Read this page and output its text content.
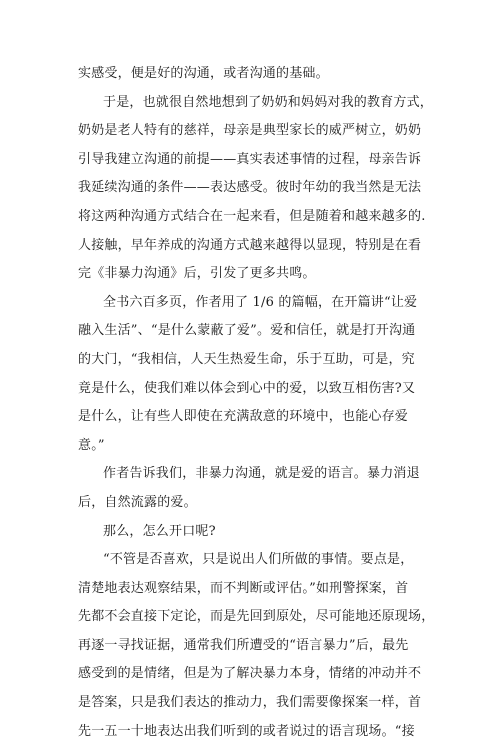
实感受，便是好的沟通，或者沟通的基础。
于是，也就很自然地想到了奶奶和妈妈对我的教育方式，
奶奶是老人特有的慈祥，母亲是典型家长的威严树立，奶奶
引导我建立沟通的前提——真实表述事情的过程，母亲告诉
我延续沟通的条件——表达感受。彼时年幼的我当然是无法
将这两种沟通方式结合在一起来看，但是随着和越来越多的.
人接触，早年养成的沟通方式越来越得以显现，特别是在看
完《非暴力沟通》后，引发了更多共鸣。
全书六百多页，作者用了 1/6 的篇幅，在开篇讲“让爱
融入生活”、“是什么蒙蔽了爱”。爱和信任，就是打开沟通
的大门，“我相信，人天生热爱生命，乐于互助，可是，究
竟是什么，使我们难以体会到心中的爱，以致互相伤害?又
是什么，让有些人即使在充满敌意的环境中，也能心存爱
意。”
作者告诉我们，非暴力沟通，就是爱的语言。暴力消退
后，自然流露的爱。
那么，怎么开口呢?
“不管是否喜欢，只是说出人们所做的事情。要点是，
清楚地表达观察结果，而不判断或评估。”如刑警探案，首
先都不会直接下定论，而是先回到原处，尽可能地还原现场，
再逐一寻找证据，通常我们所遭受的“语言暴力”后，最先
感受到的是情绪，但是为了解决暴力本身，情绪的冲动并不
是答案，只是我们表达的推动力，我们需要像探案一样，首
先一五一十地表达出我们听到的或者说过的语言现场。“接
